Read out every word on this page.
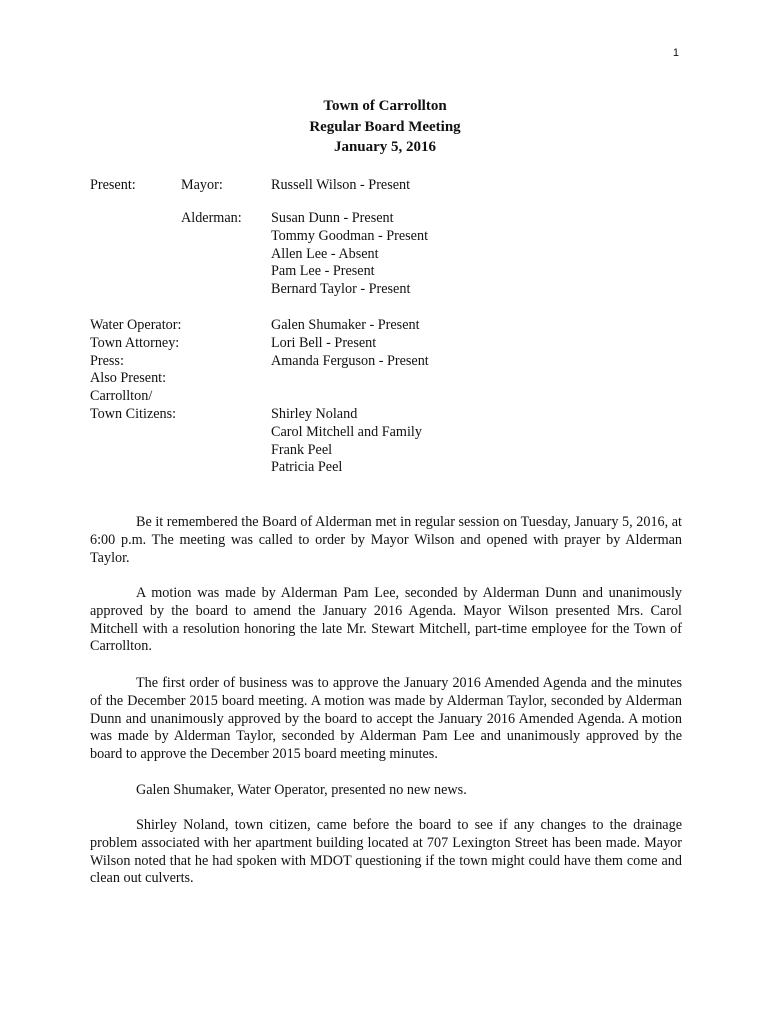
1
Town of Carrollton
Regular Board Meeting
January 5, 2016
Present:	Mayor:	Russell Wilson - Present
Alderman: Susan Dunn - Present
Tommy Goodman - Present
Allen Lee - Absent
Pam Lee - Present
Bernard Taylor - Present
Water Operator:
Town Attorney:
Press:
Also Present:
Carrollton/
Town Citizens:
Galen Shumaker - Present
Lori Bell - Present
Amanda Ferguson - Present
Shirley Noland
Carol Mitchell and Family
Frank Peel
Patricia Peel
Be it remembered the Board of Alderman met in regular session on Tuesday, January 5, 2016, at 6:00 p.m. The meeting was called to order by Mayor Wilson and opened with prayer by Alderman Taylor.
A motion was made by Alderman Pam Lee, seconded by Alderman Dunn and unanimously approved by the board to amend the January 2016 Agenda. Mayor Wilson presented Mrs. Carol Mitchell with a resolution honoring the late Mr. Stewart Mitchell, part-time employee for the Town of Carrollton.
The first order of business was to approve the January 2016 Amended Agenda and the minutes of the December 2015 board meeting. A motion was made by Alderman Taylor, seconded by Alderman Dunn and unanimously approved by the board to accept the January 2016 Amended Agenda. A motion was made by Alderman Taylor, seconded by Alderman Pam Lee and unanimously approved by the board to approve the December 2015 board meeting minutes.
Galen Shumaker, Water Operator, presented no new news.
Shirley Noland, town citizen, came before the board to see if any changes to the drainage problem associated with her apartment building located at 707 Lexington Street has been made. Mayor Wilson noted that he had spoken with MDOT questioning if the town might could have them come and clean out culverts.
